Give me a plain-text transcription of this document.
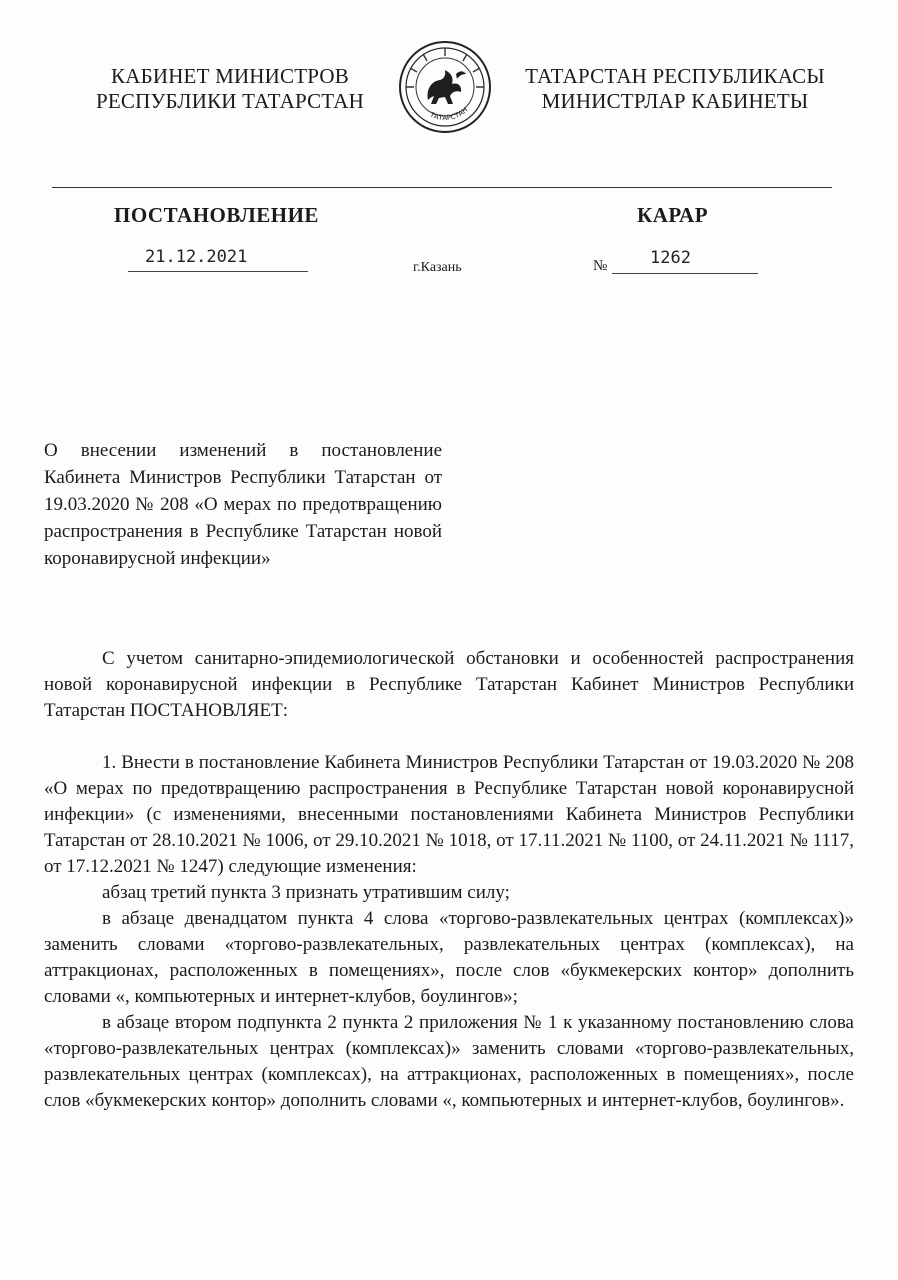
КАБИНЕТ МИНИСТРОВ
РЕСПУБЛИКИ ТАТАРСТАН
ТАТАРСТАН
ТАТАРСТАН РЕСПУБЛИКАСЫ
МИНИСТРЛАР КАБИНЕТЫ
ПОСТАНОВЛЕНИЕ	КАРАР
21.12.2021
г.Казань	№	1262
О внесении изменений в постановление Кабинета Министров Республики Татарстан от 19.03.2020 № 208 «О мерах по предотвращению распространения в Республике Татарстан новой коронавирусной инфекции»

С учетом санитарно-эпидемиологической обстановки и особенностей распространения новой коронавирусной инфекции в Республике Татарстан Кабинет Министров Республики Татарстан ПОСТАНОВЛЯЕТ:

1. Внести в постановление Кабинета Министров Республики Татарстан от 19.03.2020 № 208 «О мерах по предотвращению распространения в Республике Татарстан новой коронавирусной инфекции» (с изменениями, внесенными постановлениями Кабинета Министров Республики Татарстан от 28.10.2021 № 1006, от 29.10.2021 № 1018, от 17.11.2021 № 1100, от 24.11.2021 № 1117, от 17.12.2021 № 1247) следующие изменения:

абзац третий пункта 3 признать утратившим силу;

в абзаце двенадцатом пункта 4 слова «торгово-развлекательных центрах (комплексах)» заменить словами «торгово-развлекательных, развлекательных центрах (комплексах), на аттракционах, расположенных в помещениях», после слов «букмекерских контор» дополнить словами «, компьютерных и интернет-клубов, боулингов»;

в абзаце втором подпункта 2 пункта 2 приложения № 1 к указанному постановлению слова «торгово-развлекательных центрах (комплексах)» заменить словами «торгово-развлекательных, развлекательных центрах (комплексах), на аттракционах, расположенных в помещениях», после слов «букмекерских контор» дополнить словами «, компьютерных и интернет-клубов, боулингов».
